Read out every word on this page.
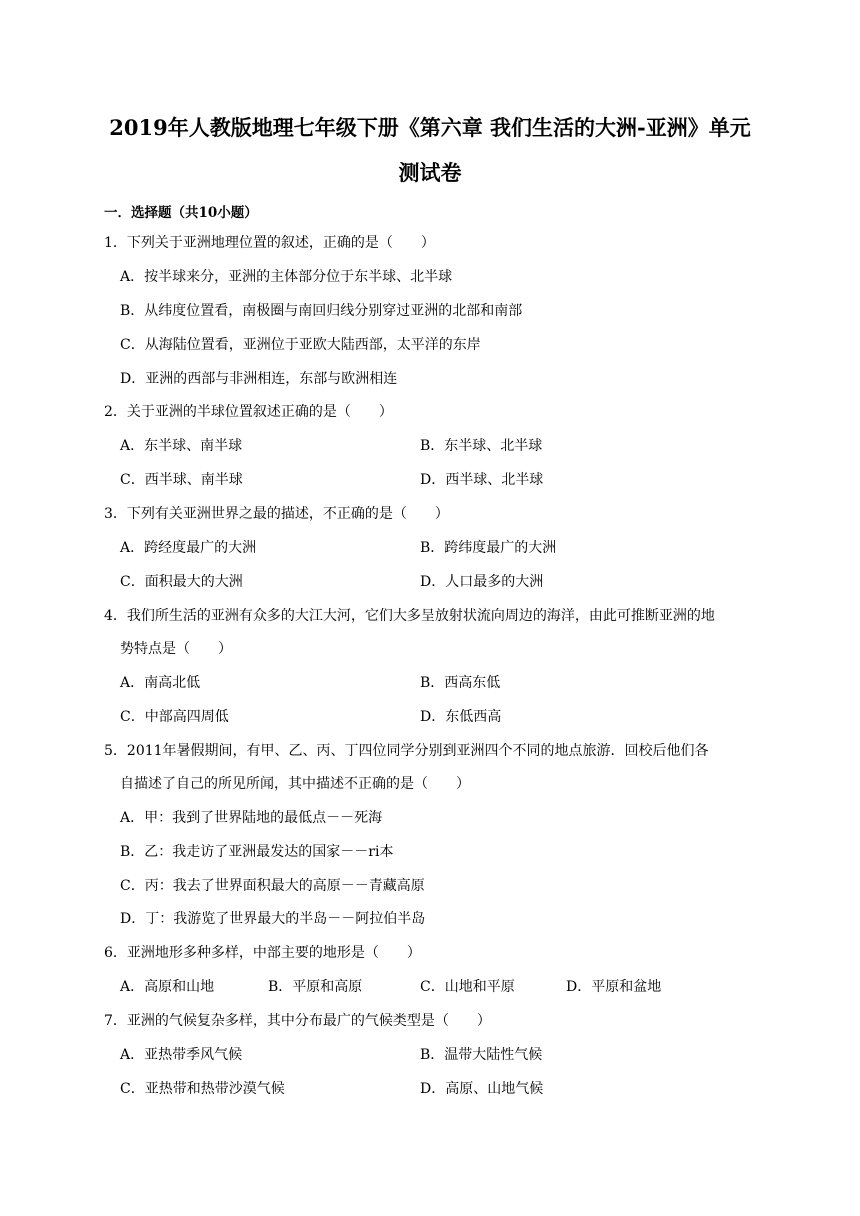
2019年人教版地理七年级下册《第六章 我们生活的大洲-亚洲》单元
测试卷
一．选择题（共10小题）
1．下列关于亚洲地理位置的叙述，正确的是（　　）
A．按半球来分，亚洲的主体部分位于东半球、北半球
B．从纬度位置看，南极圈与南回归线分别穿过亚洲的北部和南部
C．从海陆位置看，亚洲位于亚欧大陆西部，太平洋的东岸
D．亚洲的西部与非洲相连，东部与欧洲相连
2．关于亚洲的半球位置叙述正确的是（　　）
A．东半球、南半球	B．东半球、北半球
C．西半球、南半球	D．西半球、北半球
3．下列有关亚洲世界之最的描述，不正确的是（　　）
A．跨经度最广的大洲	B．跨纬度最广的大洲
C．面积最大的大洲	D．人口最多的大洲
4．我们所生活的亚洲有众多的大江大河，它们大多呈放射状流向周边的海洋，由此可推断亚洲的地
势特点是（　　）
A．南高北低	B．西高东低
C．中部高四周低	D．东低西高
5．2011年暑假期间，有甲、乙、丙、丁四位同学分别到亚洲四个不同的地点旅游．回校后他们各
自描述了自己的所见所闻，其中描述不正确的是（　　）
A．甲：我到了世界陆地的最低点－－死海
B．乙：我走访了亚洲最发达的国家－－ri本
C．丙：我去了世界面积最大的高原－－青藏高原
D．丁：我游览了世界最大的半岛－－阿拉伯半岛
6．亚洲地形多种多样，中部主要的地形是（　　）
A．高原和山地	B．平原和高原	C．山地和平原	D．平原和盆地
7．亚洲的气候复杂多样，其中分布最广的气候类型是（　　）
A．亚热带季风气候	B．温带大陆性气候
C．亚热带和热带沙漠气候	D．高原、山地气候
